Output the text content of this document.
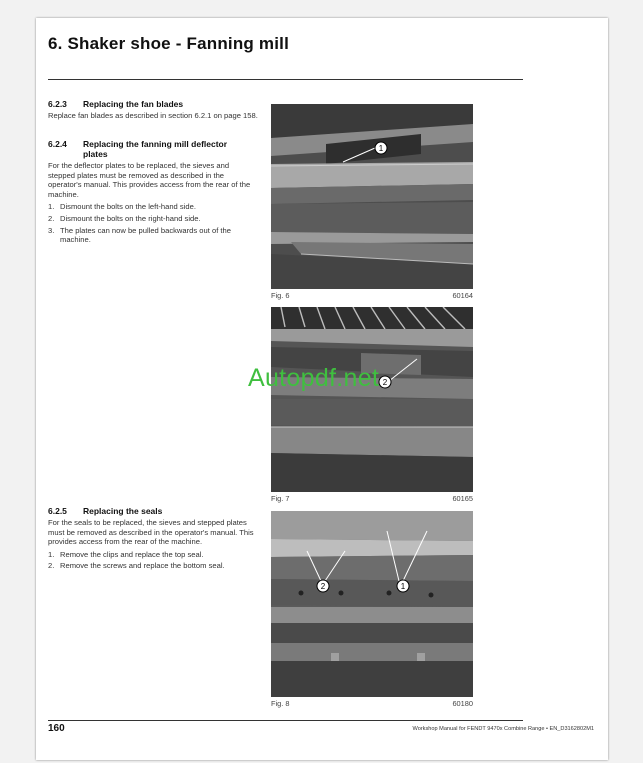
6. Shaker shoe - Fanning mill
6.2.3	Replacing the fan blades

Replace fan blades as described in section 6.2.1 on page 158.

6.2.4	Replacing the fanning mill deflector plates

For the deflector plates to be replaced, the sieves and stepped plates must be removed as described in the operator's manual. This provides access from the rear of the machine.

1. Dismount the bolts on the left-hand side.
2. Dismount the bolts on the right-hand side.
3. The plates can now be pulled backwards out of the machine.
6.2.5	Replacing the seals

For the seals to be replaced, the sieves and stepped plates must be removed as described in the operator's manual. This provides access from the rear of the machine.

1. Remove the clips and replace the top seal.
2. Remove the screws and replace the bottom seal.
1
Fig. 6	60164
2
Fig. 7	60165
2	1
Fig. 8	60180
Autopdf.net
160	Workshop Manual for FENDT 9470x Combine Range • EN_D3162802M1
